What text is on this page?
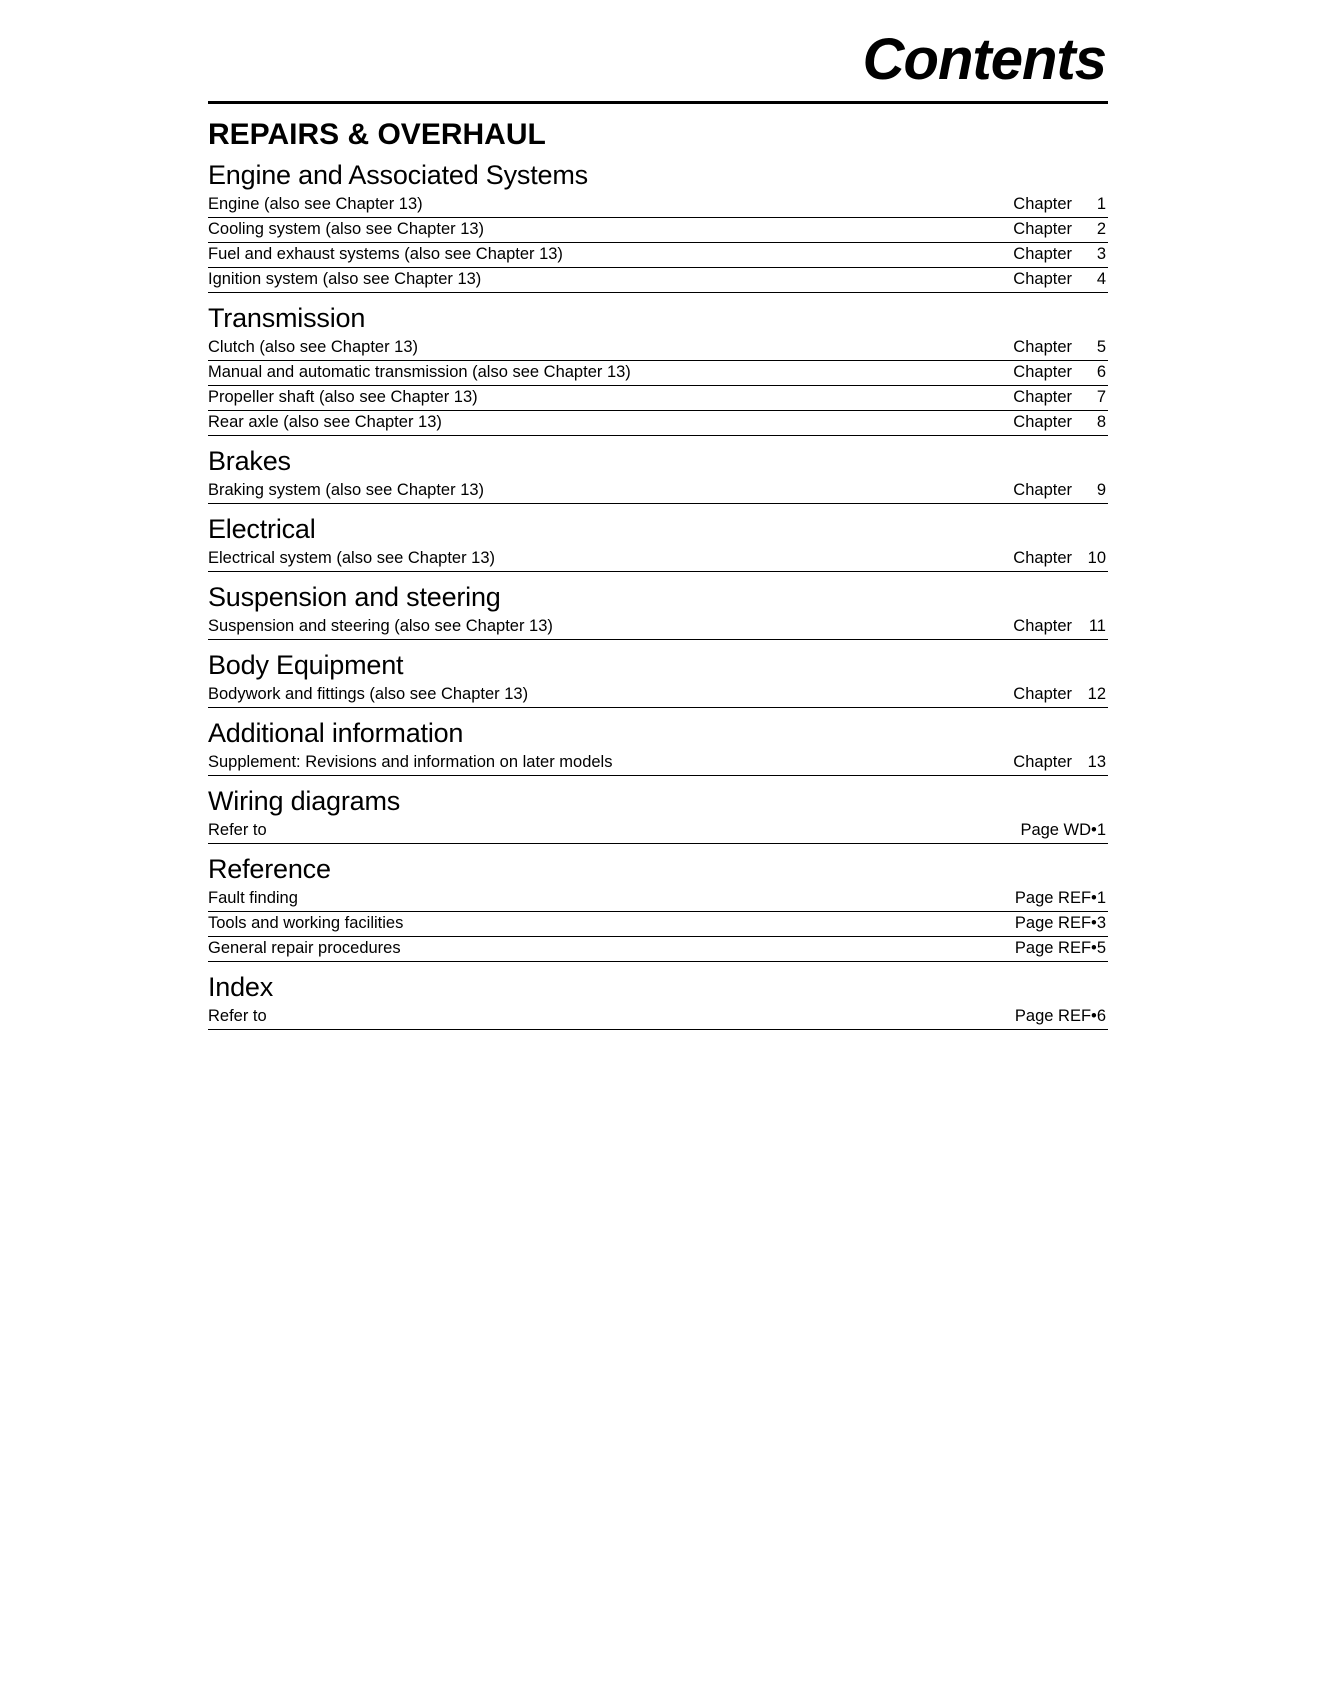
Contents
REPAIRS & OVERHAUL
Engine and Associated Systems
Engine (also see Chapter 13)	Chapter	1
Cooling system (also see Chapter 13)	Chapter	2
Fuel and exhaust systems (also see Chapter 13)	Chapter	3
Ignition system (also see Chapter 13)	Chapter	4
Transmission
Clutch (also see Chapter 13)	Chapter	5
Manual and automatic transmission (also see Chapter 13)	Chapter	6
Propeller shaft (also see Chapter 13)	Chapter	7
Rear axle (also see Chapter 13)	Chapter	8
Brakes
Braking system (also see Chapter 13)	Chapter	9
Electrical
Electrical system (also see Chapter 13)	Chapter 10
Suspension and steering
Suspension and steering (also see Chapter 13)	Chapter	11
Body Equipment
Bodywork and fittings (also see Chapter 13)	Chapter 12
Additional information
Supplement: Revisions and information on later models	Chapter 13
Wiring diagrams
Refer to	Page WD•1
Reference
Fault finding	Page REF•1
Tools and working facilities	Page REF•3
General repair procedures	Page REF•5
Index
Refer to	Page REF•6
